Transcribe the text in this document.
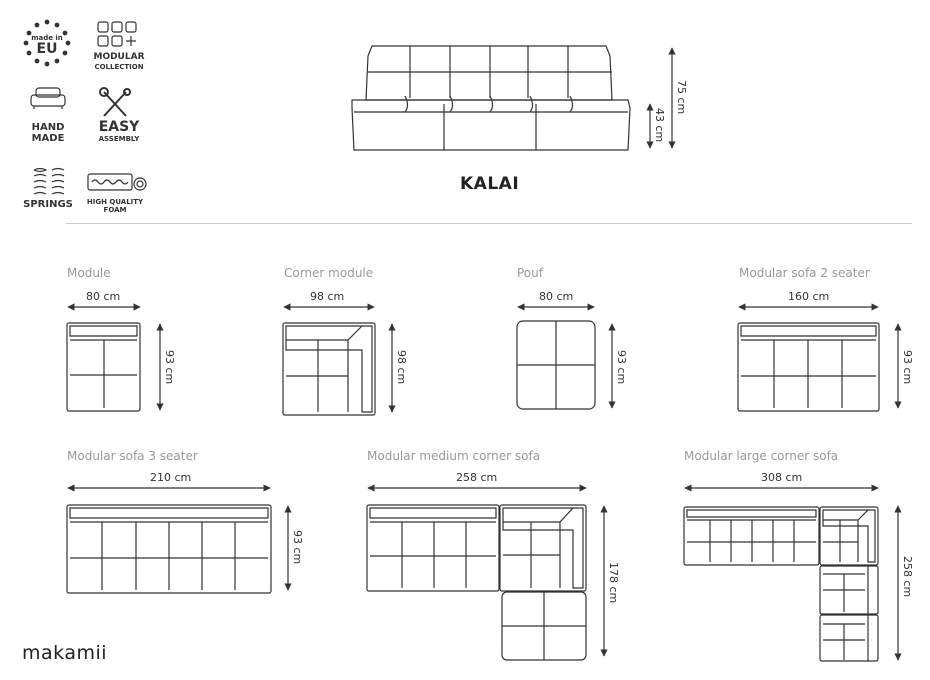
made in
EU	MODULAR
COLLECTION
HAND
MADE
EASY
ASSEMBLY
SPRINGS	HIGH QUALITY
FOAM
KALAI
75 cm
43 cm
Module
80 cm
93 cm
Corner module
98 cm
98 cm
Pouf
80 cm
93 cm
Modular sofa 2 seater
160 cm
93 cm
Modular sofa 3 seater
210 cm
93 cm
Modular medium corner sofa
258 cm
178 cm
Modular large corner sofa
308 cm
258 cm
makamii
